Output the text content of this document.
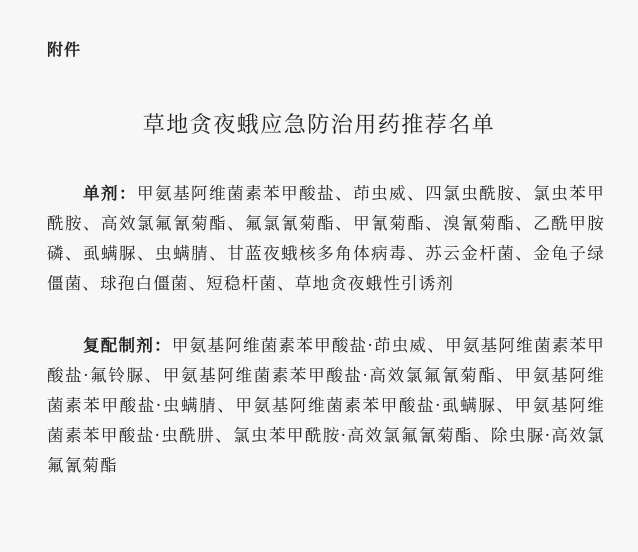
附件
草地贪夜蛾应急防治用药推荐名单

单剂：甲氨基阿维菌素苯甲酸盐、茚虫威、四氯虫酰胺、氯虫苯甲酰胺、高效氯氟氰菊酯、氟氯氰菊酯、甲氰菊酯、溴氰菊酯、乙酰甲胺磷、虱螨脲、虫螨腈、甘蓝夜蛾核多角体病毒、苏云金杆菌、金龟子绿僵菌、球孢白僵菌、短稳杆菌、草地贪夜蛾性引诱剂

复配制剂：甲氨基阿维菌素苯甲酸盐·茚虫威、甲氨基阿维菌素苯甲酸盐·氟铃脲、甲氨基阿维菌素苯甲酸盐·高效氯氟氰菊酯、甲氨基阿维菌素苯甲酸盐·虫螨腈、甲氨基阿维菌素苯甲酸盐·虱螨脲、甲氨基阿维菌素苯甲酸盐·虫酰肼、氯虫苯甲酰胺·高效氯氟氰菊酯、除虫脲·高效氯氟氰菊酯
